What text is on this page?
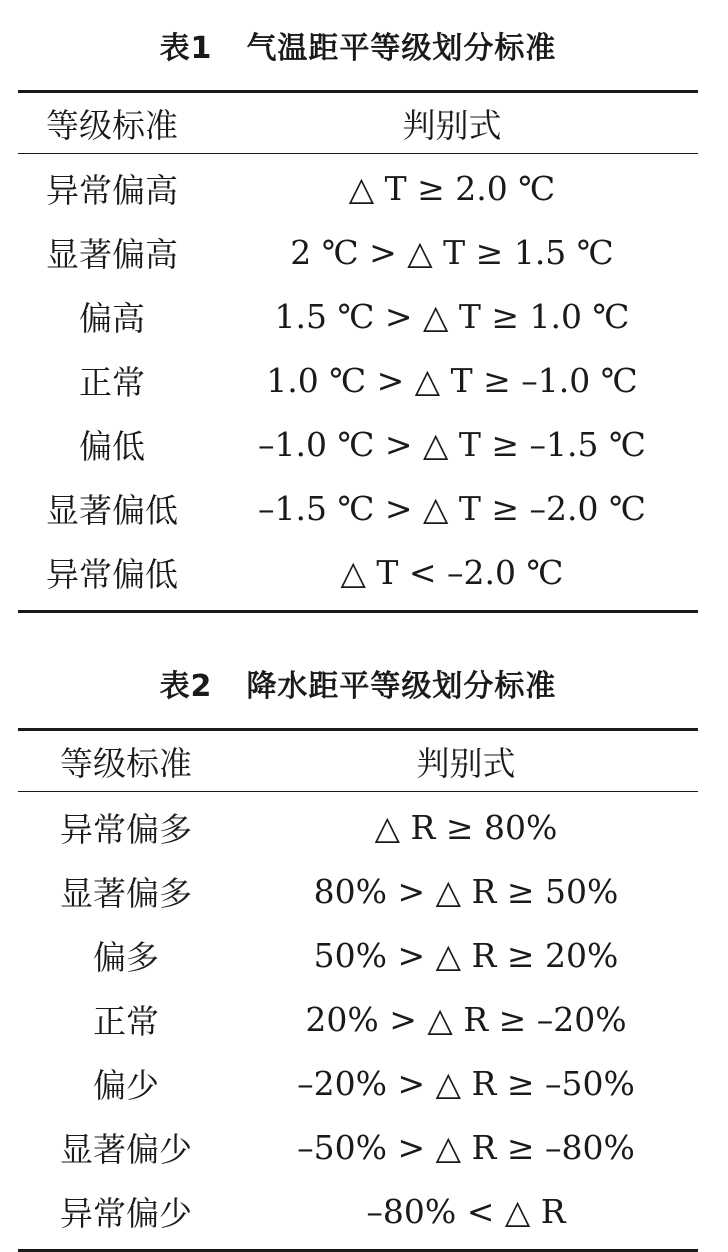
表1 气温距平等级划分标准
等级标准	判别式
异常偏高	△ T ≥ 2.0 ℃
显著偏高	2 ℃ > △ T ≥ 1.5 ℃
偏高	1.5 ℃ > △ T ≥ 1.0 ℃
正常	1.0 ℃ > △ T ≥ –1.0 ℃
偏低	–1.0 ℃ > △ T ≥ –1.5 ℃
显著偏低	–1.5 ℃ > △ T ≥ –2.0 ℃
异常偏低	△ T < –2.0 ℃
表2 降水距平等级划分标准
等级标准	判别式
异常偏多	△ R ≥ 80%
显著偏多	80% > △ R ≥ 50%
偏多	50% > △ R ≥ 20%
正常	20% > △ R ≥ –20%
偏少	–20% > △ R ≥ –50%
显著偏少	–50% > △ R ≥ –80%
异常偏少	–80% < △ R
